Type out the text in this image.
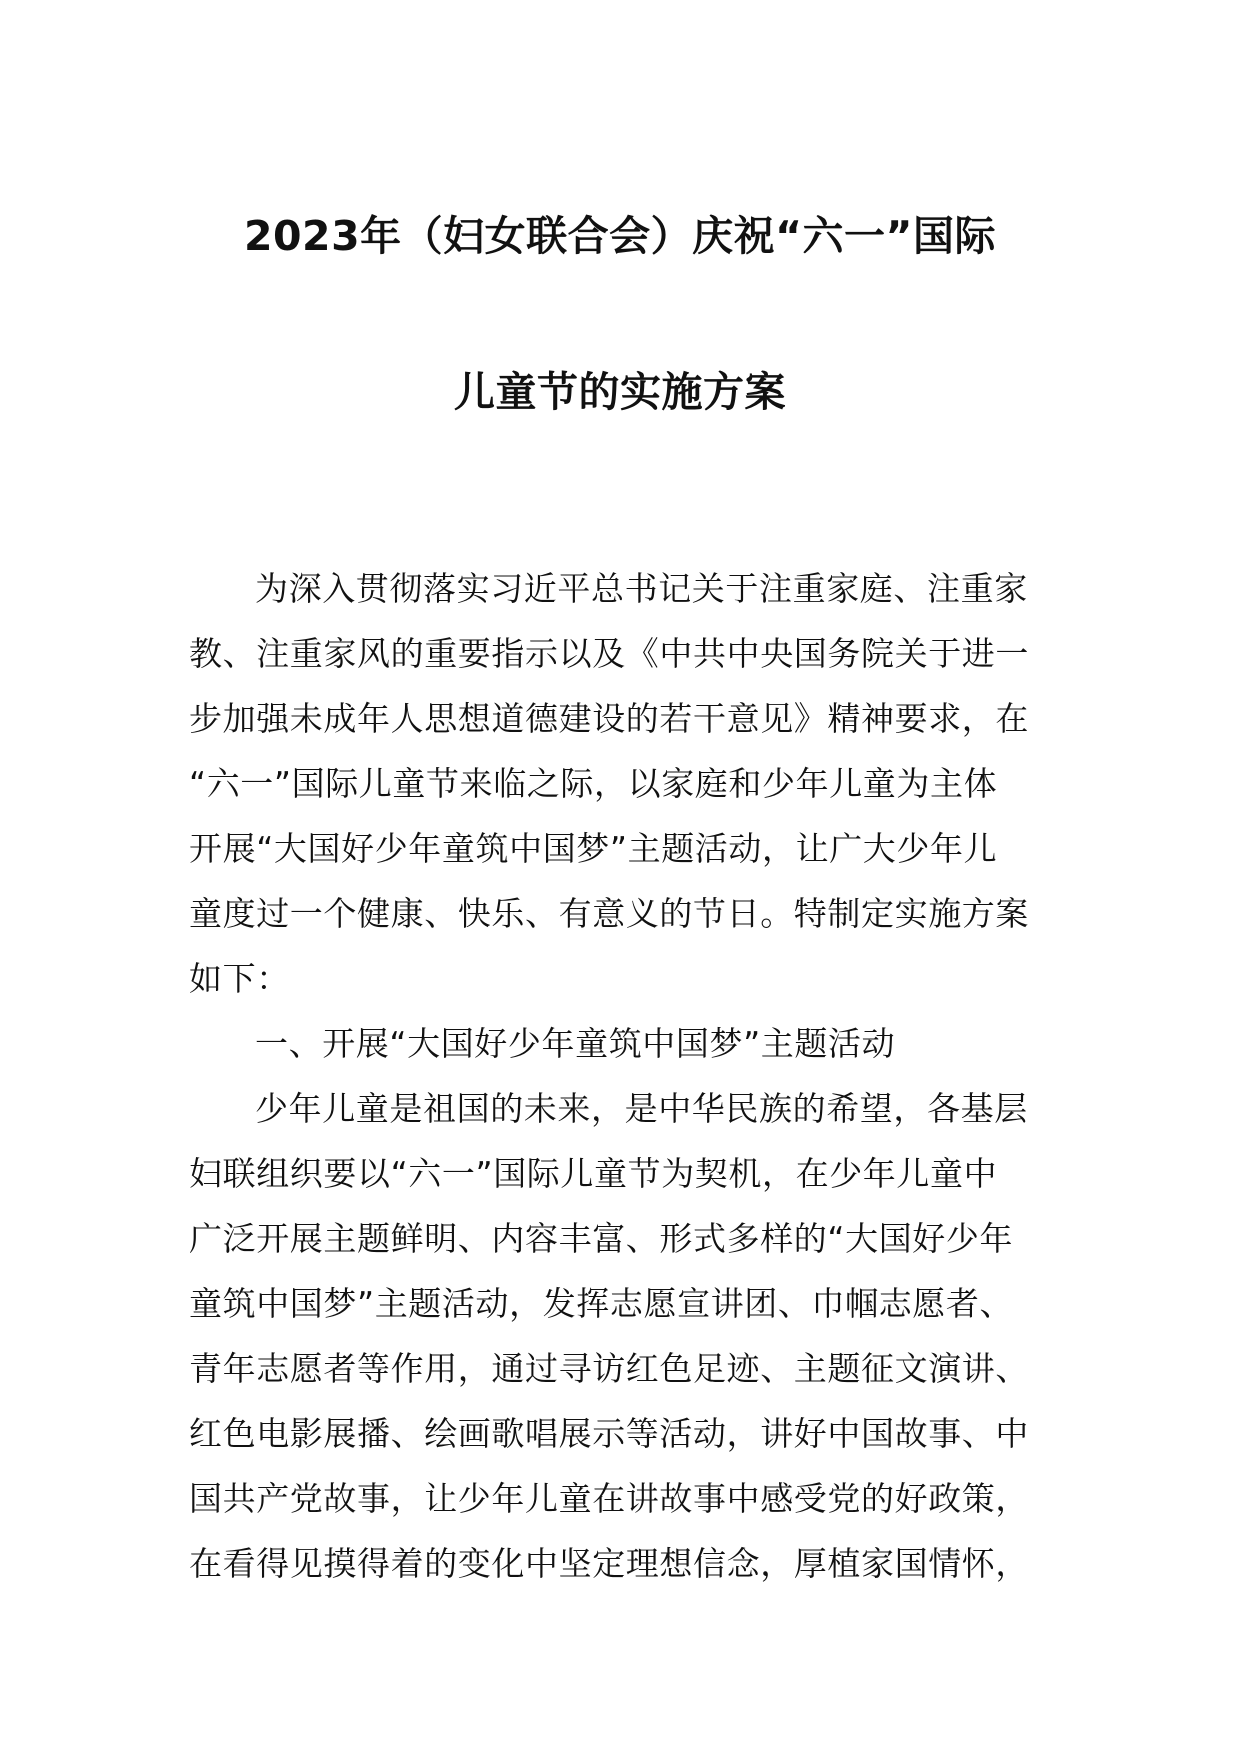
2023年（妇女联合会）庆祝“六一”国际
儿童节的实施方案
为深入贯彻落实习近平总书记关于注重家庭、注重家
教、注重家风的重要指示以及《中共中央国务院关于进一
步加强未成年人思想道德建设的若干意见》精神要求，在
“六一”国际儿童节来临之际，以家庭和少年儿童为主体
开展“大国好少年童筑中国梦”主题活动，让广大少年儿
童度过一个健康、快乐、有意义的节日。特制定实施方案
如下：
一、开展“大国好少年童筑中国梦”主题活动
少年儿童是祖国的未来，是中华民族的希望，各基层
妇联组织要以“六一”国际儿童节为契机，在少年儿童中
广泛开展主题鲜明、内容丰富、形式多样的“大国好少年
童筑中国梦”主题活动，发挥志愿宣讲团、巾帼志愿者、
青年志愿者等作用，通过寻访红色足迹、主题征文演讲、
红色电影展播、绘画歌唱展示等活动，讲好中国故事、中
国共产党故事，让少年儿童在讲故事中感受党的好政策，
在看得见摸得着的变化中坚定理想信念，厚植家国情怀，
